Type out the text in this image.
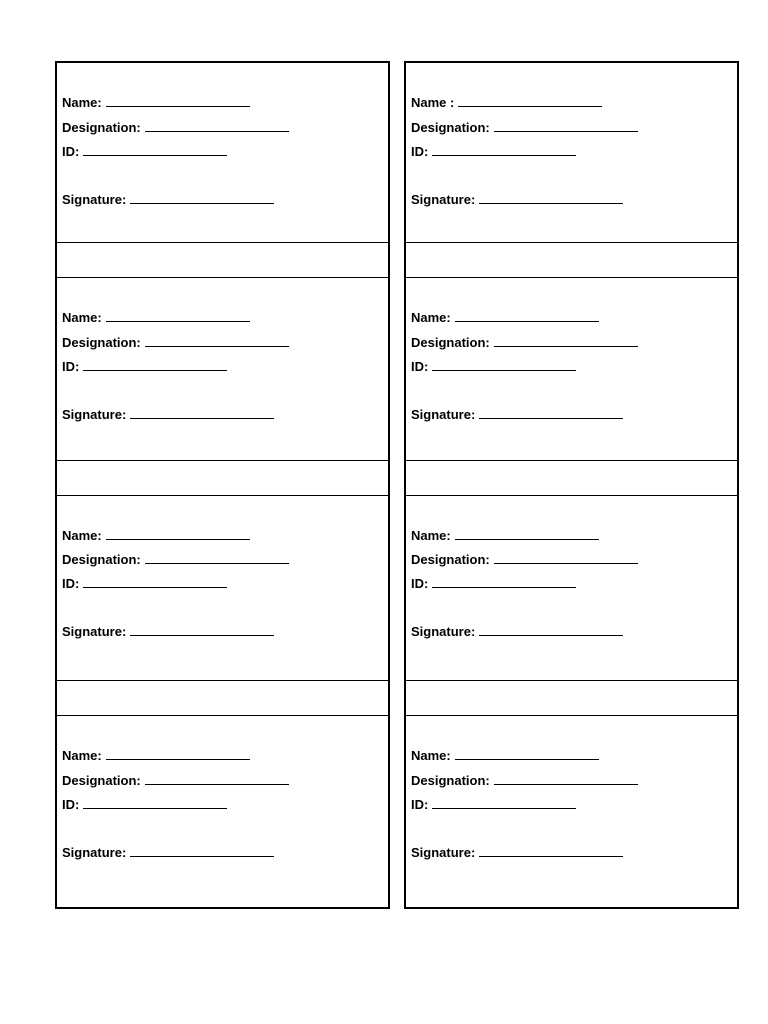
Name:
Designation:
ID:
Signature:
Name:
Designation:
ID:
Signature:
Name:
Designation:
ID:
Signature:
Name:
Designation:
ID:
Signature:
Name :
Designation:
ID:
Signature:
Name:
Designation:
ID:
Signature:
Name:
Designation:
ID:
Signature:
Name:
Designation:
ID:
Signature:
